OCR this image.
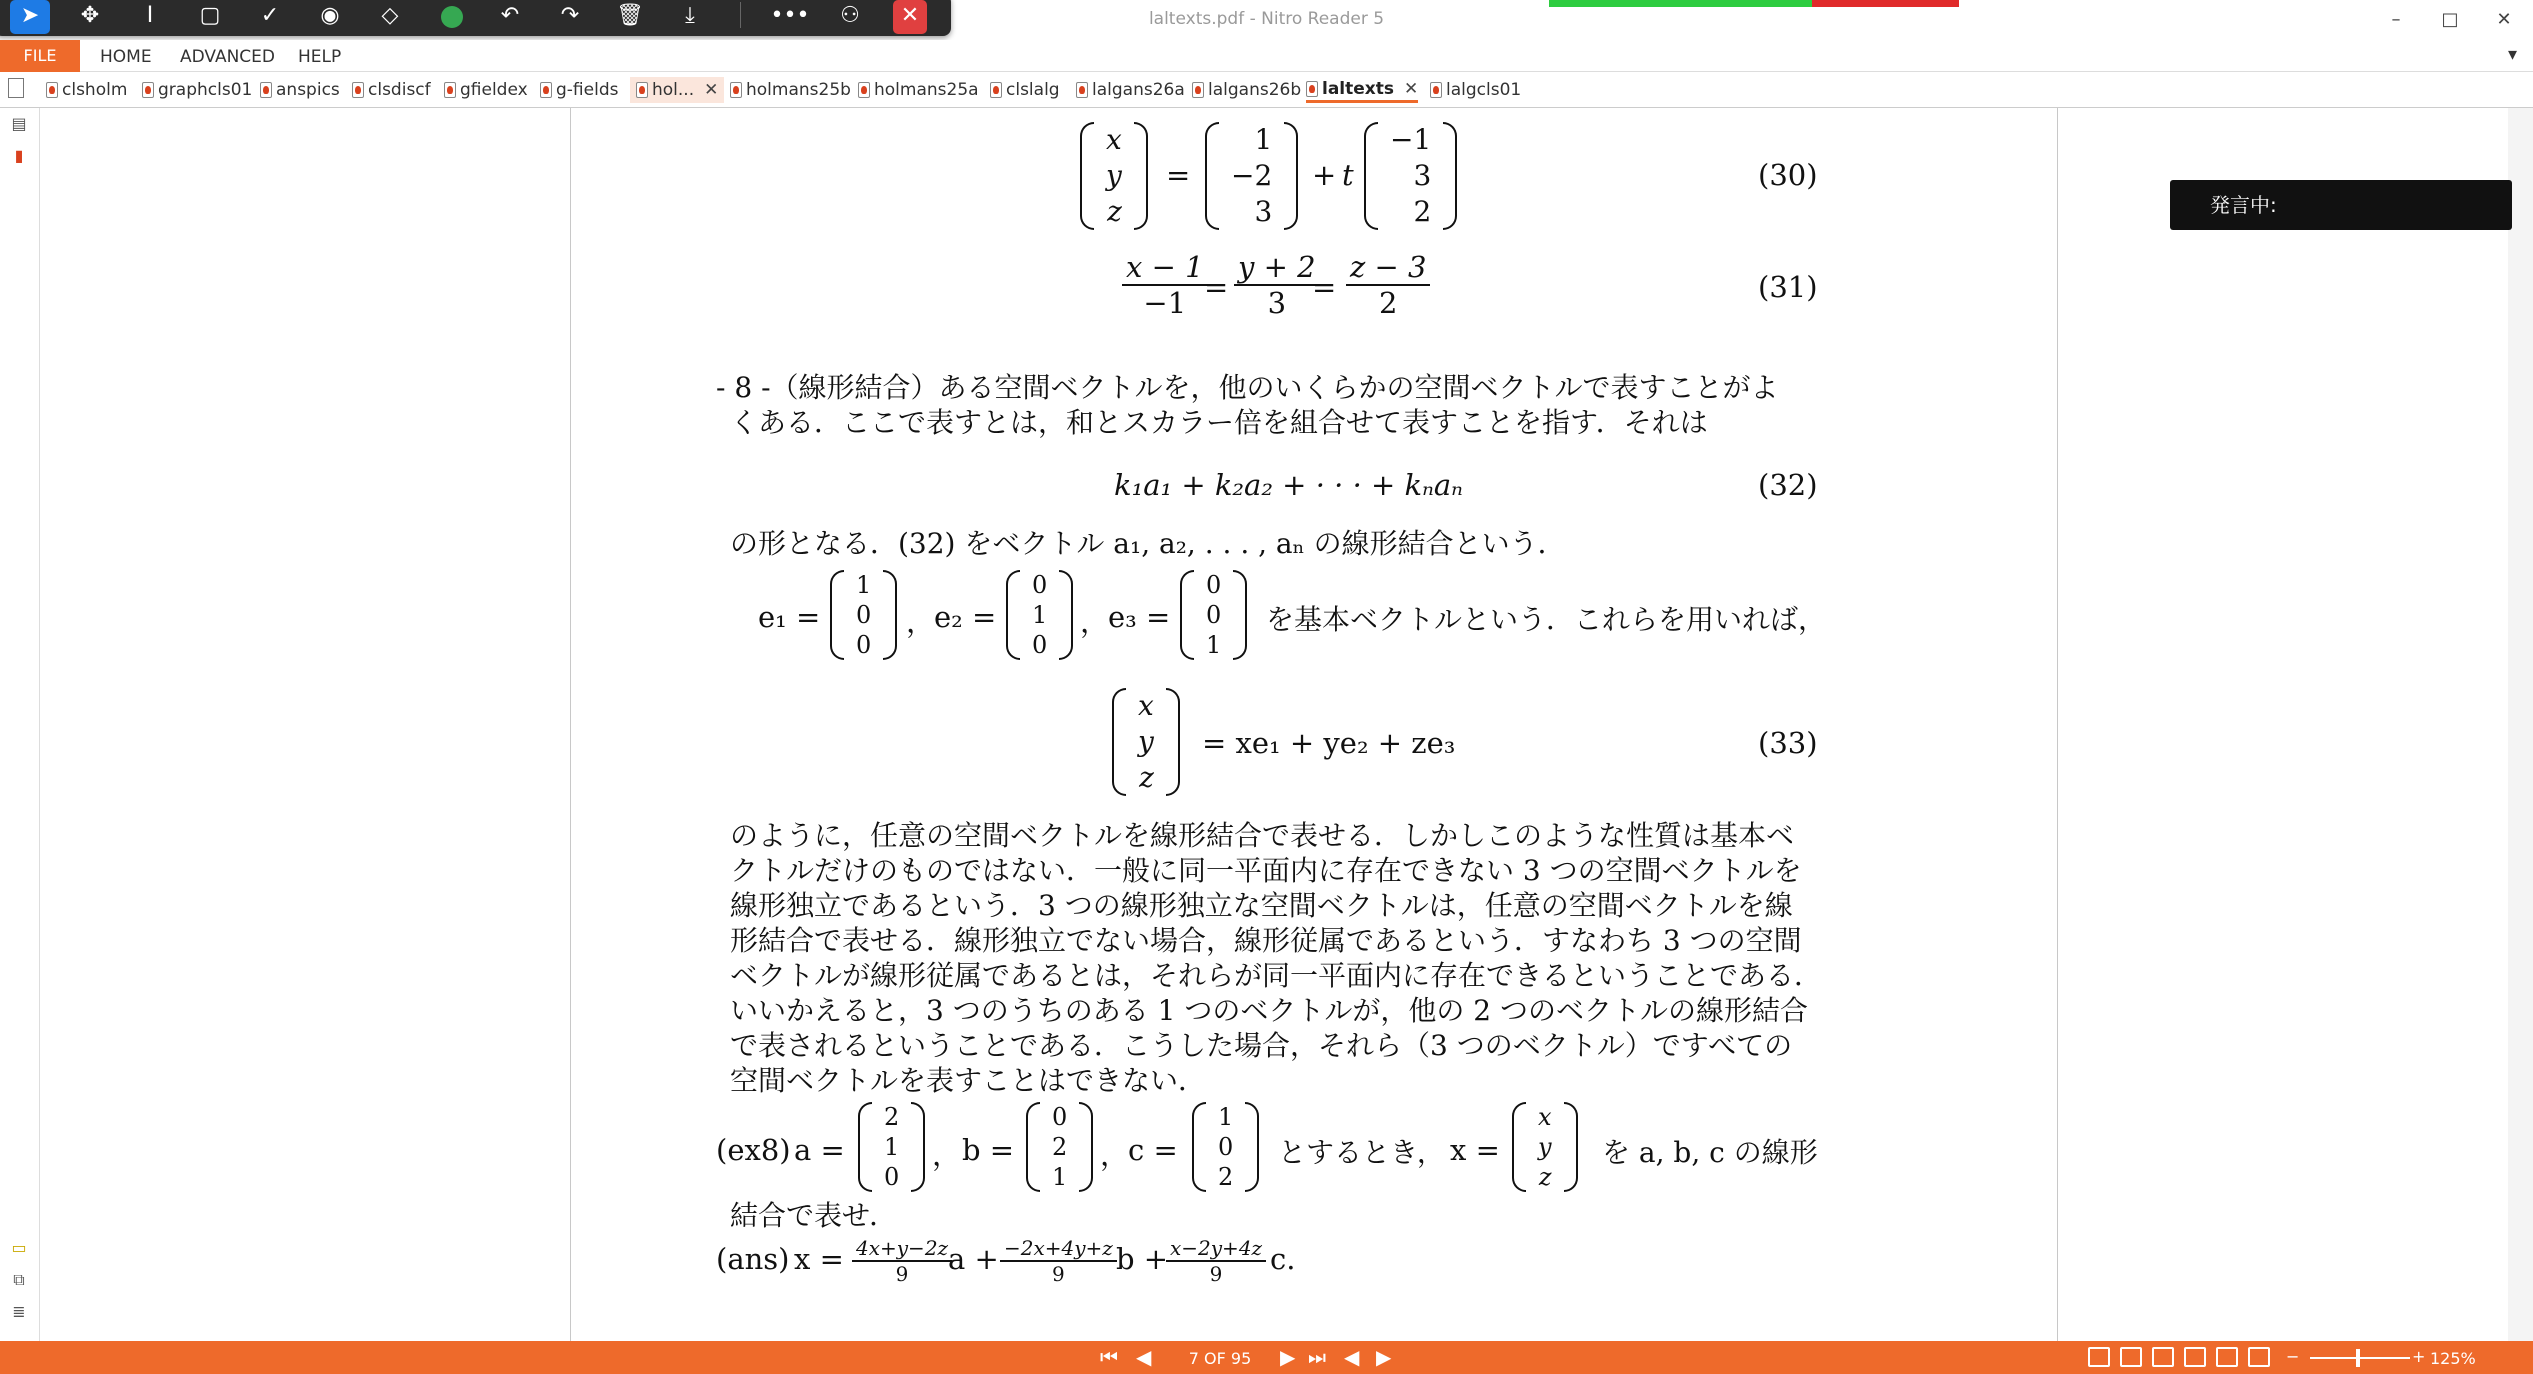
laltexts.pdf - Nitro Reader 5	–	□	✕
➤	✥	I	▢	✓	◉	◇	↶	↷	🗑	⤓	•••	⚇	✕
FILE	HOME ADVANCED HELP	▾
clsholm graphcls01 anspics clsdiscf gfieldex g-fields hol... ✕ holmans25b holmans25a clslalg lalgans26a lalgans26b laltexts ✕ lalgcls01
▤
▮
▭
⧉
≣
x
y
z
=
1
−2
3
+ t
−1
3
2
(30)
$\frac{x - 1}{-1}$
= $\frac{y + 2}{3}$
= $\frac{z - 3}{2}$	(31)
- 8 -（線形結合）ある空間ベクトルを，他のいくらかの空間ベクトルで表すことがよ
くある．ここで表すとは，和とスカラー倍を組合せて表すことを指す．それは
k₁a₁ + k₂a₂ + · · · + kₙaₙ	(32)
の形となる．(32) をベクトル a₁, a₂, . . . , aₙ の線形結合という．
e₁ =
1
0
0
，
e₂ =
0
1
0
，
e₃ =
0
0
1
を基本ベクトルという．これらを用いれば，
x
y
z
= xe₁ + ye₂ + ze₃	(33)
のように，任意の空間ベクトルを線形結合で表せる．しかしこのような性質は基本ベ
クトルだけのものではない．一般に同一平面内に存在できない 3 つの空間ベクトルを
線形独立であるという．3 つの線形独立な空間ベクトルは，任意の空間ベクトルを線
形結合で表せる．線形独立でない場合，線形従属であるという．すなわち 3 つの空間
ベクトルが線形従属であるとは，それらが同一平面内に存在できるということである．
いいかえると，3 つのうちのある 1 つのベクトルが，他の 2 つのベクトルの線形結合
で表されるということである．こうした場合，それら（3 つのベクトル）ですべての
空間ベクトルを表すことはできない．
(ex8) a =
2
1
0
， b =
0
2
1
，
c =
1
0
2
とするとき， x =
x
y
z
を a, b, c の線形
結合で表せ．
(ans) $x = \frac{4x+y-2z}{9}$
$a + \frac{-2x+4y+z}{9}$ b +
$\frac{x-2y+4z}{9} c$.
発言中:
⏮ ◀	7 OF 95	▶ ⏭ ◀ ▶	−	+ 125%
